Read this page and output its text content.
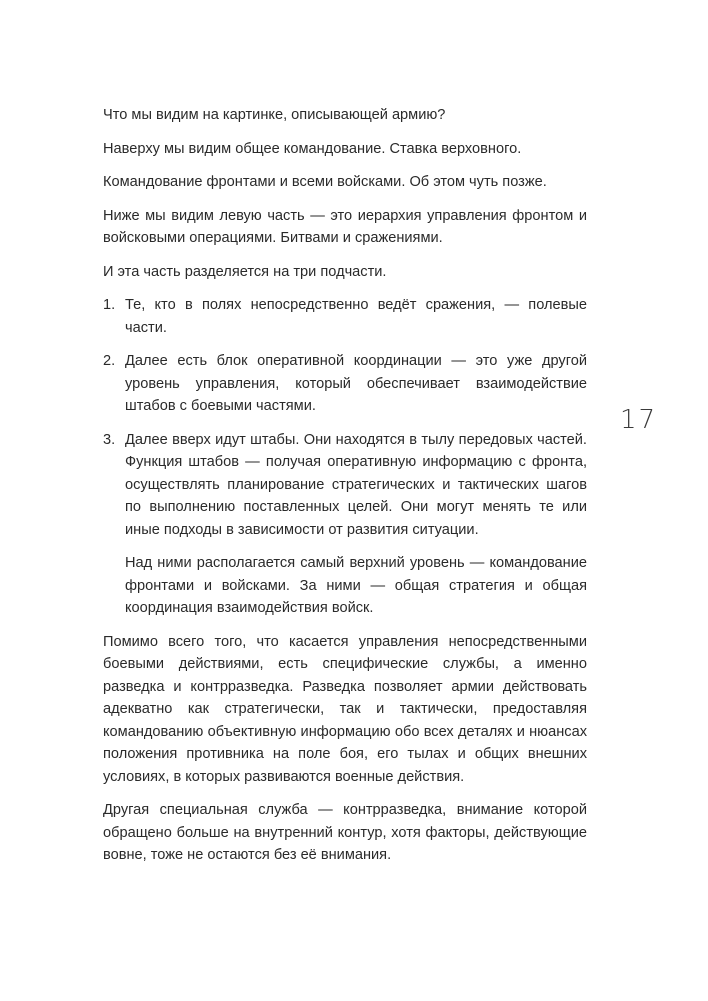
Что мы видим на картинке, описывающей армию?

Наверху мы видим общее командование. Ставка верховного.

Командование фронтами и всеми войсками. Об этом чуть позже.

Ниже мы видим левую часть — это иерархия управления фронтом и войсковыми операциями. Битвами и сражениями.

И эта часть разделяется на три подчасти.

1. Те, кто в полях непосредственно ведёт сражения, — полевые части.

2. Далее есть блок оперативной координации — это уже другой уровень управления, который обеспечивает взаимодействие штабов с боевыми частями.

3. Далее вверх идут штабы. Они находятся в тылу передовых частей. Функция штабов — получая оперативную информацию с фронта, осуществлять планирование стратегических и тактических шагов по выполнению поставленных целей. Они могут менять те или иные подходы в зависимости от развития ситуации.

Над ними располагается самый верхний уровень — командование фронтами и войсками. За ними — общая стратегия и общая координация взаимодействия войск.

Помимо всего того, что касается управления непосредственными боевыми действиями, есть специфические службы, а именно разведка и контрразведка. Разведка позволяет армии действовать адекватно как стратегически, так и тактически, предоставляя командованию объективную информацию обо всех деталях и нюансах положения противника на поле боя, его тылах и общих внешних условиях, в которых развиваются военные действия.

Другая специальная служба — контрразведка, внимание которой обращено больше на внутренний контур, хотя факторы, действующие вовне, тоже не остаются без её внимания.

17
